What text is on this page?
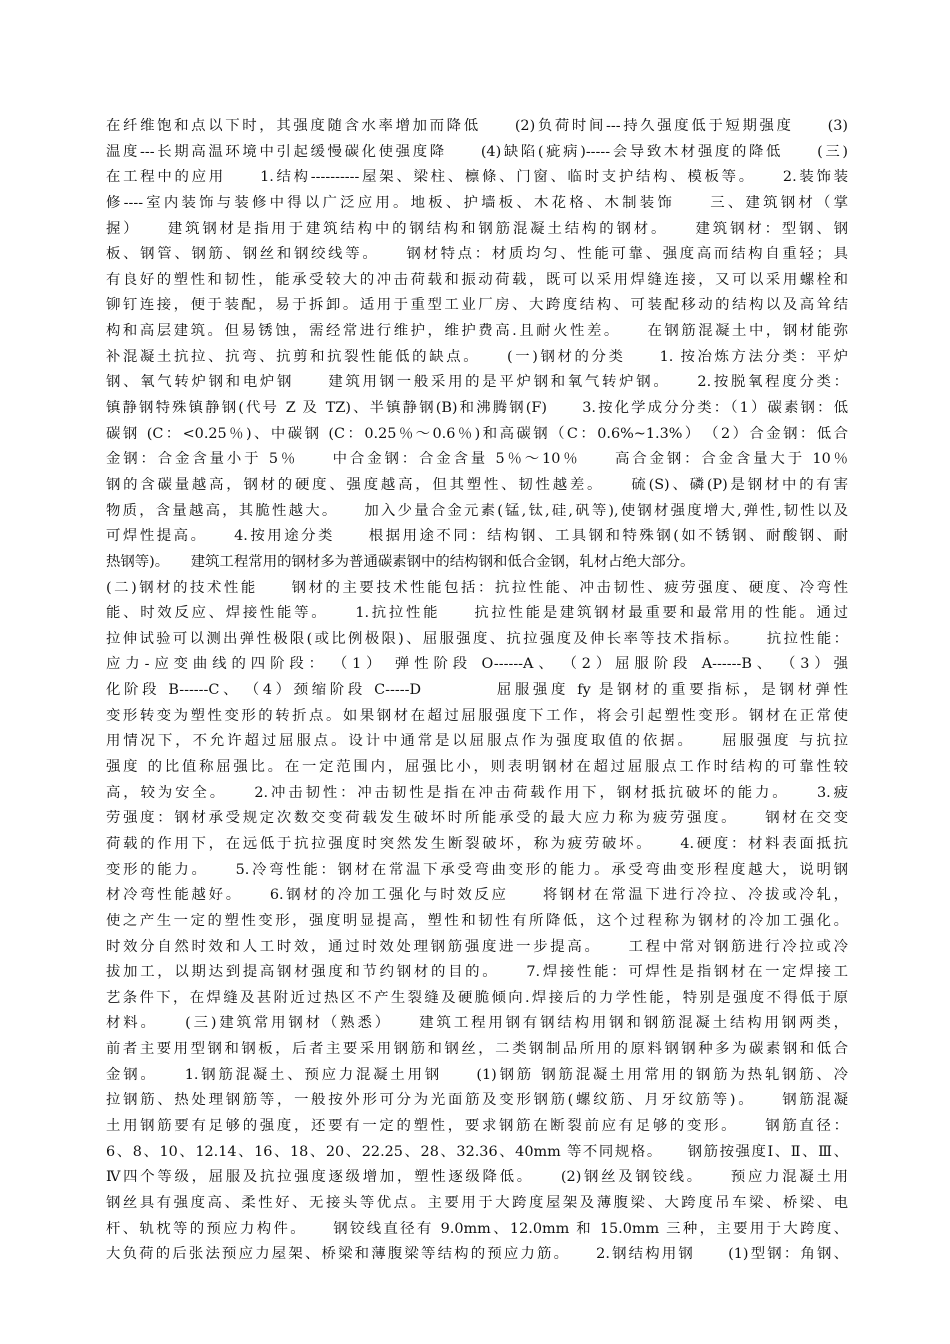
在纤维饱和点以下时，其强度随含水率增加而降低　　(2)负荷时间---持久强度低于短期强度　　(3)
温度---长期高温环境中引起缓慢碳化使强度降　　(4)缺陷(疵病)-----会导致木材强度的降低　　(三)
在工程中的应用　　1.结构----------屋架、梁柱、檩條、门窗、临时支护结构、模板等。　　2.装饰装
修----室内装饰与装修中得以广泛应用。地板、护墙板、木花格、木制装饰　　三、建筑钢材（掌
握）　　建筑钢材是指用于建筑结构中的钢结构和钢筋混凝土结构的钢材。　　建筑钢材：型钢、钢
板、钢管、钢筋、钢丝和钢绞线等。　　钢材特点：材质均匀、性能可靠、强度高而结构自重轻；具
有良好的塑性和韧性，能承受较大的冲击荷载和振动荷载，既可以采用焊缝连接，又可以采用螺栓和
铆钉连接，便于装配，易于拆卸。适用于重型工业厂房、大跨度结构、可装配移动的结构以及高耸结
构和高层建筑。但易锈蚀，需经常进行维护，维护费高.且耐火性差。　　在钢筋混凝土中，钢材能弥
补混凝土抗拉、抗弯、抗剪和抗裂性能低的缺点。　　(一)钢材的分类　　1. 按冶炼方法分类：平炉
钢、氧气转炉钢和电炉钢　　建筑用钢一般采用的是平炉钢和氧气转炉钢。　　2.按脱氧程度分类：
镇静钢特殊镇静钢(代号 Z 及 TZ)、半镇静钢(B)和沸腾钢(F)　　3.按化学成分分类：（1）碳素钢：低
碳钢 (C：<0.25％)、中碳钢 (C：0.25％～0.6％)和高碳钢（C：0.6%~1.3%）　（2）合金钢：低合
金钢：合金含量小于 5％　　中合金钢：合金含量 5％～10％　　高合金钢：合金含量大于 10％
钢的含碳量越高，钢材的硬度、强度越高，但其塑性、韧性越差。　　硫(S)、磷(P)是钢材中的有害
物质，含量越高，其脆性越大。　　加入少量合金元素(锰,钛,硅,矾等),使钢材强度增大,弹性,韧性以及
可焊性提高。　　4.按用途分类　　根据用途不同：结构钢、工具钢和特殊钢(如不锈钢、耐酸钢、耐
热钢等)。　　建筑工程常用的钢材多为普通碳素钢中的结构钢和低合金钢，轧材占绝大部分。
(二)钢材的技术性能　　钢材的主要技术性能包括：抗拉性能、冲击韧性、疲劳强度、硬度、冷弯性
能、时效反应、焊接性能等。　　1.抗拉性能　　抗拉性能是建筑钢材最重要和最常用的性能。通过
拉伸试验可以测出弹性极限(或比例极限)、屈服强度、抗拉强度及伸长率等技术指标。　　抗拉性能：
应力-应变曲线的四阶段：　（1） 弹性阶段 O------A、　（2）屈服阶段 A------B、　（3）强
化阶段 B------C、　（4）颈缩阶段 C-----D　　　　屈服强度 fy 是钢材的重要指标，是钢材弹性
变形转变为塑性变形的转折点。如果钢材在超过屈服强度下工作，将会引起塑性变形。钢材在正常使
用情况下，不允许超过屈服点。设计中通常是以屈服点作为强度取值的依据。　　屈服强度 与抗拉
强度 的比值称屈强比。在一定范围内，屈强比小，则表明钢材在超过屈服点工作时结构的可靠性较
高，较为安全。　　2.冲击韧性：冲击韧性是指在冲击荷载作用下，钢材抵抗破坏的能力。　　3.疲
劳强度：钢材承受规定次数交变荷载发生破坏时所能承受的最大应力称为疲劳强度。　　钢材在交变
荷载的作用下，在远低于抗拉强度时突然发生断裂破坏，称为疲劳破坏。　　4.硬度：材料表面抵抗
变形的能力。　　5.冷弯性能：钢材在常温下承受弯曲变形的能力。承受弯曲变形程度越大，说明钢
材冷弯性能越好。　　6.钢材的冷加工强化与时效反应　　将钢材在常温下进行冷拉、冷拔或冷轧，
使之产生一定的塑性变形，强度明显提高，塑性和韧性有所降低，这个过程称为钢材的冷加工强化。
时效分自然时效和人工时效，通过时效处理钢筋强度进一步提高。　　工程中常对钢筋进行冷拉或冷
拔加工，以期达到提高钢材强度和节约钢材的目的。　　7.焊接性能：可焊性是指钢材在一定焊接工
艺条件下，在焊缝及甚附近过热区不产生裂缝及硬脆倾向.焊接后的力学性能，特别是强度不得低于原
材料。　　(三)建筑常用钢材（熟悉）　　建筑工程用钢有钢结构用钢和钢筋混凝土结构用钢两类，
前者主要用型钢和钢板，后者主要采用钢筋和钢丝，二类钢制品所用的原料钢钢种多为碳素钢和低合
金钢。　　1.钢筋混凝土、预应力混凝土用钢　　(1)钢筋 钢筋混凝土用常用的钢筋为热轧钢筋、冷
拉钢筋、热处理钢筋等，一般按外形可分为光面筋及变形钢筋(螺纹筋、月牙纹筋等)。　　钢筋混凝
土用钢筋要有足够的强度，还要有一定的塑性，要求钢筋在断裂前应有足够的变形。　　钢筋直径：
6、8、10、12.14、16、18、20、22.25、28、32.36、40mm 等不同规格。　　钢筋按强度Ⅰ、Ⅱ、Ⅲ、
Ⅳ四个等级，屈服及抗拉强度逐级增加，塑性逐级降低。　　(2)钢丝及钢铰线。　　预应力混凝土用
钢丝具有强度高、柔性好、无接头等优点。主要用于大跨度屋架及薄腹梁、大跨度吊车梁、桥梁、电
杆、轨枕等的预应力构件。　　钢铰线直径有 9.0mm、12.0mm 和 15.0mm 三种，主要用于大跨度、
大负荷的后张法预应力屋架、桥梁和薄腹梁等结构的预应力筋。　　2.钢结构用钢　　(1)型钢：角钢、
